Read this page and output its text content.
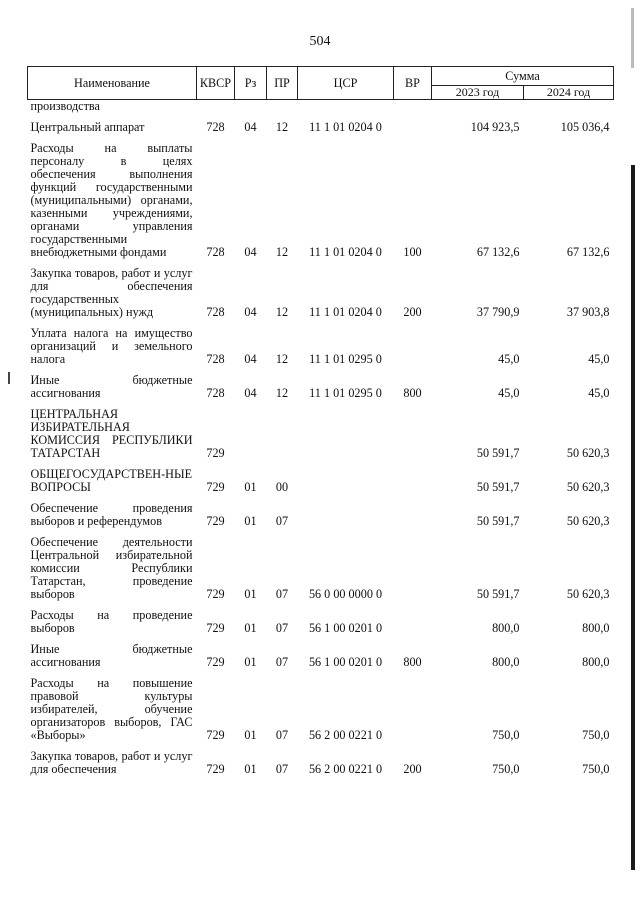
504
Наименование	КВСР	Рз	ПР	ЦСР	ВР	Сумма	
						2023 год	2024 год
производства							
Центральный аппарат	728	04	12	11 1 01 0204 0		104 923,5	105 036,4
Расходы на выплаты персоналу в целях обеспечения выполнения функций государственными (муниципальными) органами, казенными учреждениями, органами управления государственными внебюджетными фондами	728	04	12	11 1 01 0204 0	100	67 132,6	67 132,6
Закупка товаров, работ и услуг для обеспечения государственных (муниципальных) нужд	728	04	12	11 1 01 0204 0	200	37 790,9	37 903,8
Уплата налога на имущество организаций и земельного налога	728	04	12	11 1 01 0295 0		45,0	45,0
Иные бюджетные ассигнования	728	04	12	11 1 01 0295 0	800	45,0	45,0
ЦЕНТРАЛЬНАЯ ИЗБИРАТЕЛЬНАЯ КОМИССИЯ РЕСПУБЛИКИ ТАТАРСТАН	729					50 591,7	50 620,3
ОБЩЕГОСУДАРСТВЕН-НЫЕ ВОПРОСЫ	729	01	00			50 591,7	50 620,3
Обеспечение проведения выборов и референдумов	729	01	07			50 591,7	50 620,3
Обеспечение деятельности Центральной избирательной комиссии Республики Татарстан, проведение выборов	729	01	07	56 0 00 0000 0		50 591,7	50 620,3
Расходы на проведение выборов	729	01	07	56 1 00 0201 0		800,0	800,0
Иные бюджетные ассигнования	729	01	07	56 1 00 0201 0	800	800,0	800,0
Расходы на повышение правовой культуры избирателей, обучение организаторов выборов, ГАС «Выборы»	729	01	07	56 2 00 0221 0		750,0	750,0
Закупка товаров, работ и услуг для обеспечения	729	01	07	56 2 00 0221 0	200	750,0	750,0
